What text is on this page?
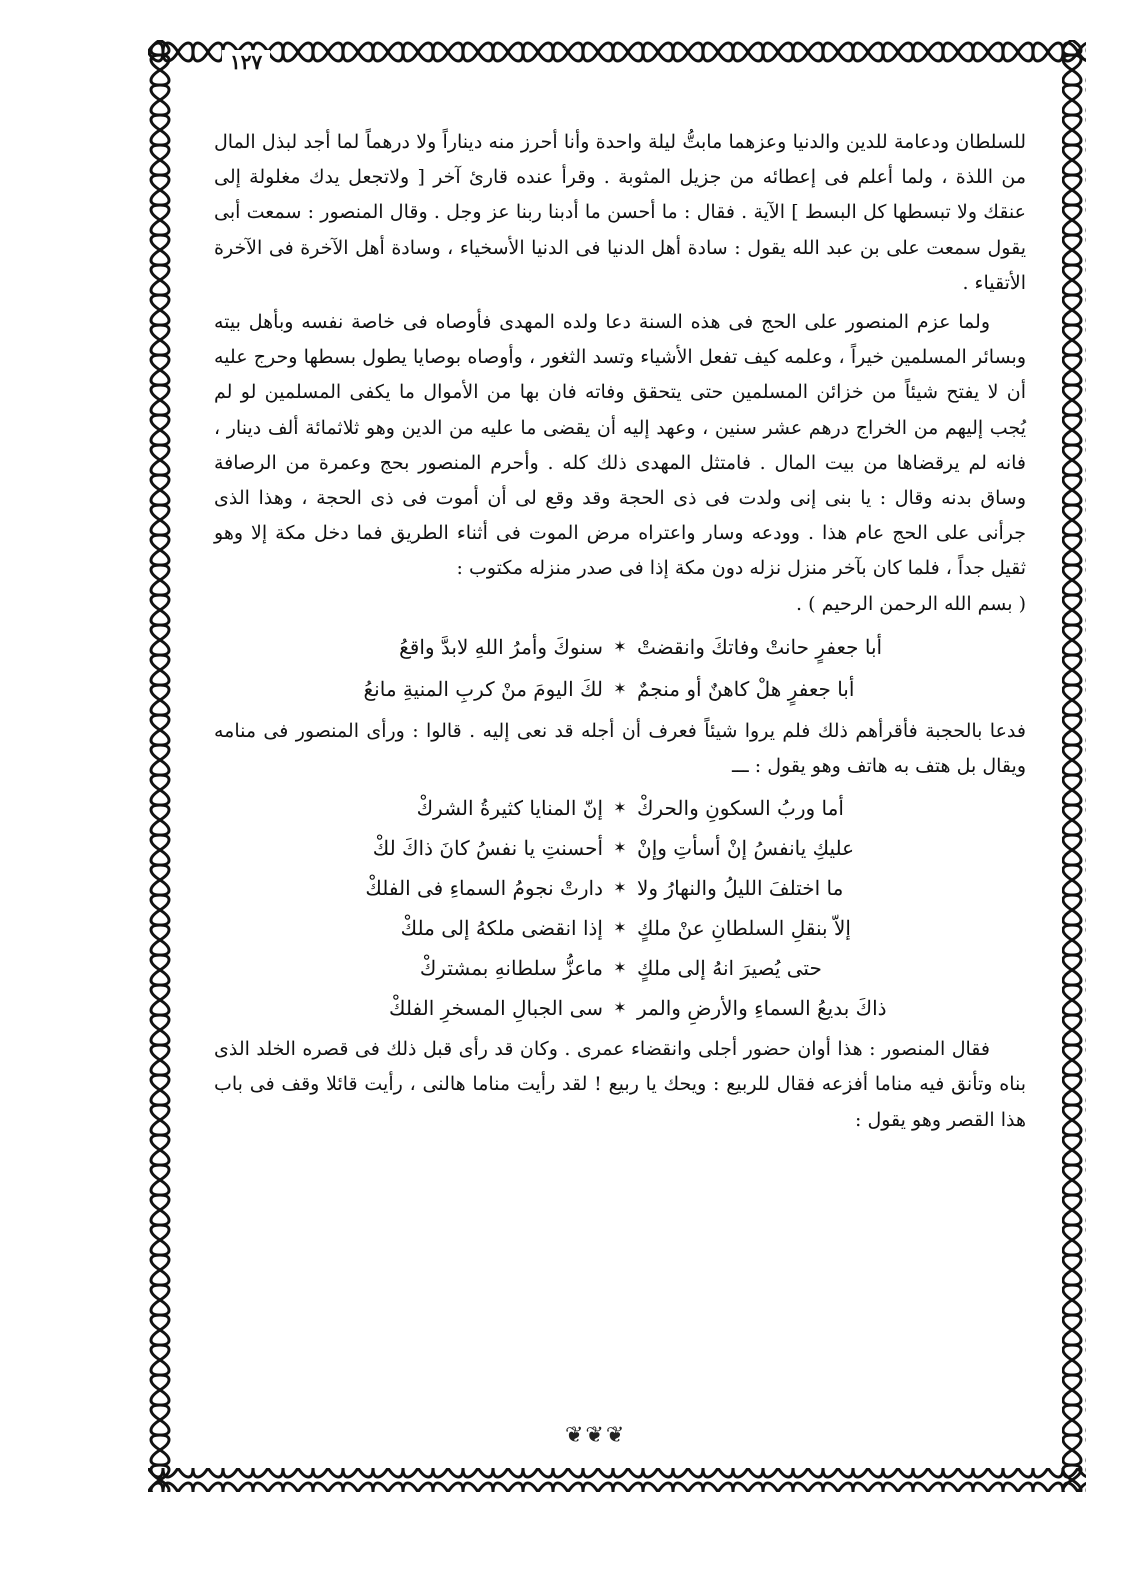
١٢٧

للسلطان ودعامة للدين والدنيا وعزهما مابتُّ ليلة واحدة وأنا أحرز منه ديناراً ولا درهماً لما أجد لبذل المال من اللذة ، ولما أعلم فى إعطائه من جزيل المثوبة . وقرأ عنده قارئ آخر [ ولاتجعل يدك مغلولة إلى عنقك ولا تبسطها كل البسط ] الآية . فقال : ما أحسن ما أدبنا ربنا عز وجل . وقال المنصور : سمعت أبى يقول سمعت على بن عبد الله يقول : سادة أهل الدنيا فى الدنيا الأسخياء ، وسادة أهل الآخرة فى الآخرة الأتقياء .

ولما عزم المنصور على الحج فى هذه السنة دعا ولده المهدى فأوصاه فى خاصة نفسه وبأهل بيته وبسائر المسلمين خيراً ، وعلمه كيف تفعل الأشياء وتسد الثغور ، وأوصاه بوصايا يطول بسطها وحرج عليه أن لا يفتح شيئاً من خزائن المسلمين حتى يتحقق وفاته فان بها من الأموال ما يكفى المسلمين لو لم يُجب إليهم من الخراج درهم عشر سنين ، وعهد إليه أن يقضى ما عليه من الدين وهو ثلاثمائة ألف دينار ، فانه لم يرقضاها من بيت المال . فامتثل المهدى ذلك كله . وأحرم المنصور بحج وعمرة من الرصافة وساق بدنه وقال : يا بنى إنى ولدت فى ذى الحجة وقد وقع لى أن أموت فى ذى الحجة ، وهذا الذى جرأنى على الحج عام هذا . وودعه وسار واعتراه مرض الموت فى أثناء الطريق فما دخل مكة إلا وهو ثقيل جداً ، فلما كان بآخر منزل نزله دون مكة إذا فى صدر منزله مكتوب :

( بسم الله الرحمن الرحيم ) .

أبا جعفرٍ حانتْ وفاتكَ وانقضتْ
✶
سنوكَ وأمرُ اللهِ لابدَّ واقعُ
أبا جعفرٍ هلْ كاهنٌ أو منجمٌ
✶
لكَ اليومَ منْ كربِ المنيةِ مانعُ

فدعا بالحجبة فأقرأهم ذلك فلم يروا شيئاً فعرف أن أجله قد نعى إليه . قالوا : ورأى المنصور فى منامه ويقال بل هتف به هاتف وهو يقول : ـــ

أما وربُ السكونِ والحركْ
✶
إنّ المنايا كثيرةُ الشركْ
عليكِ يانفسُ إنْ أسأتِ وإنْ
✶
أحسنتِ يا نفسُ كانَ ذاكَ لكْ
ما اختلفَ الليلُ والنهارُ ولا
✶
دارتْ نجومُ السماءِ فى الفلكْ
إلاّ بنقلِ السلطانِ عنْ ملكٍ
✶
إذا انقضى ملكهُ إلى ملكْ
حتى يُصيرَ انهُ إلى ملكٍ
✶
ماعزُّ سلطانهِ بمشتركْ
ذاكَ بديعُ السماءِ والأرضِ والمر
✶
سى الجبالِ المسخرِ الفلكْ

فقال المنصور : هذا أوان حضور أجلى وانقضاء عمرى . وكان قد رأى قبل ذلك فى قصره الخلد الذى بناه وتأنق فيه مناما أفزعه فقال للربيع : ويحك يا ربيع ! لقد رأيت مناما هالنى ، رأيت قائلا وقف فى باب هذا القصر وهو يقول :

❦❦❦
